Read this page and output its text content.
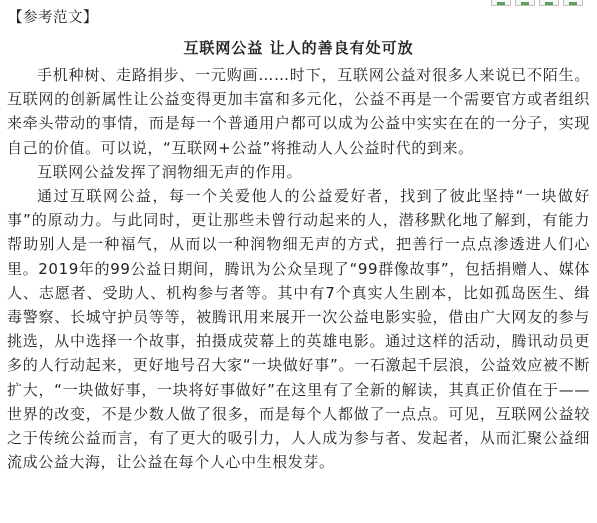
【参考范文】
互联网公益 让人的善良有处可放

手机种树、走路捐步、一元购画……时下，互联网公益对很多人来说已不陌生。互联网的创新属性让公益变得更加丰富和多元化，公益不再是一个需要官方或者组织来牵头带动的事情，而是每一个普通用户都可以成为公益中实实在在的一分子，实现自己的价值。可以说，“互联网+公益”将推动人人公益时代的到来。

互联网公益发挥了润物细无声的作用。

通过互联网公益，每一个关爱他人的公益爱好者，找到了彼此坚持“一块做好事”的原动力。与此同时，更让那些未曾行动起来的人，潜移默化地了解到，有能力帮助别人是一种福气，从而以一种润物细无声的方式，把善行一点点渗透进人们心里。2019年的99公益日期间，腾讯为公众呈现了“99群像故事”，包括捐赠人、媒体人、志愿者、受助人、机构参与者等。其中有7个真实人生剧本，比如孤岛医生、缉毒警察、长城守护员等等，被腾讯用来展开一次公益电影实验，借由广大网友的参与挑选，从中选择一个故事，拍摄成荧幕上的英雄电影。通过这样的活动，腾讯动员更多的人行动起来，更好地号召大家“一块做好事”。一石激起千层浪，公益效应被不断扩大，“一块做好事，一块将好事做好”在这里有了全新的解读，其真正价值在于——世界的改变，不是少数人做了很多，而是每个人都做了一点点。可见，互联网公益较之于传统公益而言，有了更大的吸引力，人人成为参与者、发起者，从而汇聚公益细流成公益大海，让公益在每个人心中生根发芽。
